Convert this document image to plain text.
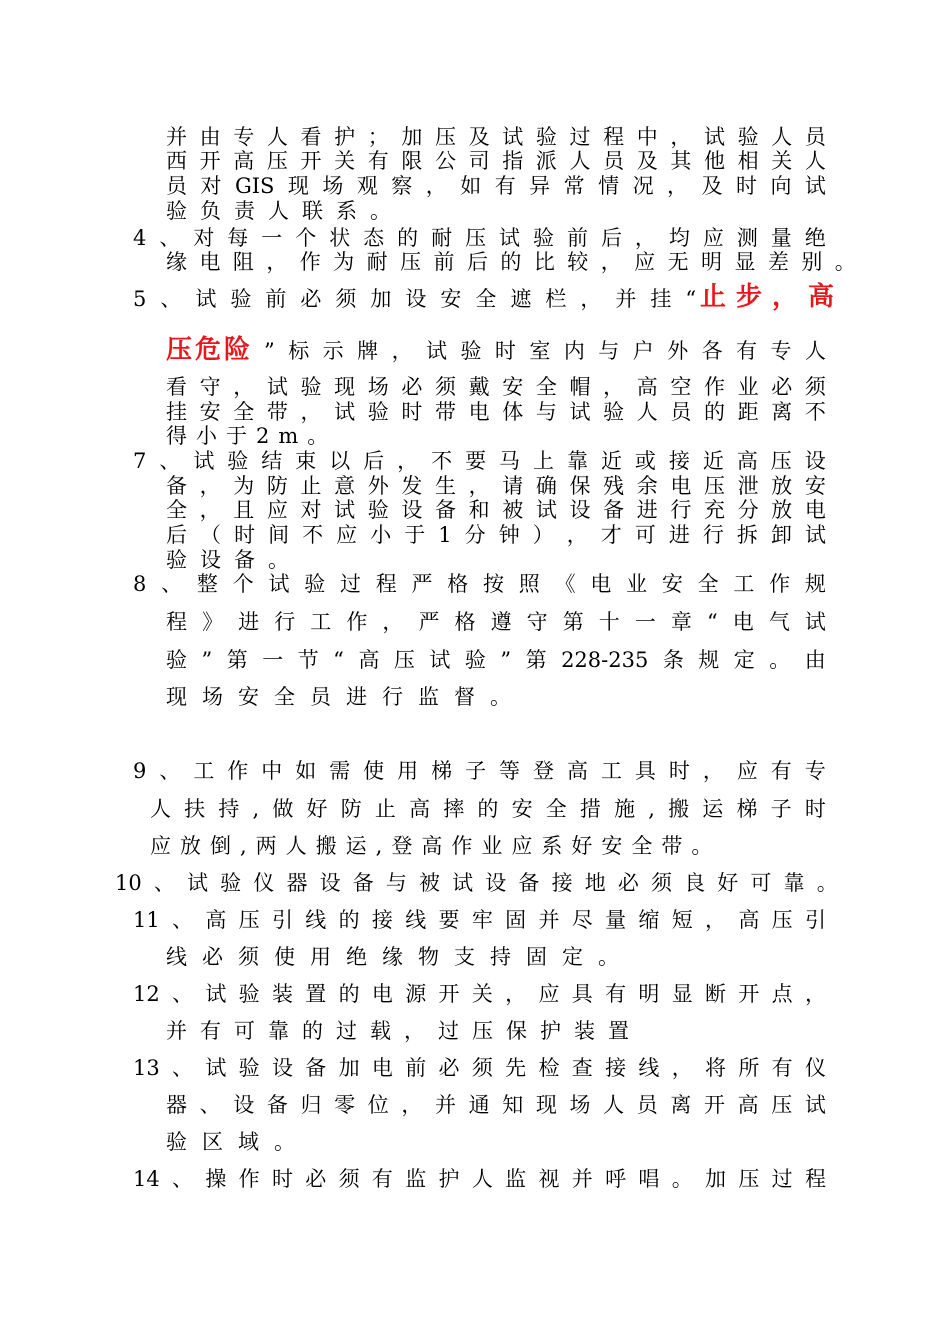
并 由 专 人 看 护 ； 加 压 及 试 验 过 程 中 ， 试 验 人 员
西 开 高 压 开 关 有 限 公 司 指 派 人 员 及 其 他 相 关 人
员 对 GIS 现 场 观 察 ， 如 有 异 常 情 况 ， 及 时 向 试
验负责人联系。
4 、 对 每 一 个 状 态 的 耐 压 试 验 前 后 ， 均 应 测 量 绝
缘 电 阻 ， 作 为 耐 压 前 后 的 比 较 ， 应 无 明 显 差 别 。
5、试验前必须加设安全遮栏，并挂“
止步，高
压危险 ” 标 示 牌 ， 试 验 时 室 内 与 户 外 各 有 专 人
看 守 ， 试 验 现 场 必 须 戴 安 全 帽 ， 高 空 作 业 必 须
挂 安 全 带 ， 试 验 时 带 电 体 与 试 验 人 员 的 距 离 不
得小于2m。
7 、 试 验 结 束 以 后 ， 不 要 马 上 靠 近 或 接 近 高 压 设
备 ， 为 防 止 意 外 发 生 ， 请 确 保 残 余 电 压 泄 放 安
全 ， 且 应 对 试 验 设 备 和 被 试 设 备 进 行 充 分 放 电
后 （ 时 间 不 应 小 于 1 分 钟 ） ， 才 可 进 行 拆 卸 试
验设备。
8 、 整 个 试 验 过 程 严 格 按 照 《 电 业 安 全 工 作 规
程 》 进 行 工 作 ， 严 格 遵 守 第 十 一 章 “ 电 气 试
验 ” 第 一 节 “ 高 压 试 验 ” 第 228-235 条 规 定 。 由
现场安全员进行监督。
9 、 工 作 中 如 需 使 用 梯 子 等 登 高 工 具 时 ， 应 有 专
人 扶 持 , 做 好 防 止 高 摔 的 安 全 措 施 , 搬 运 梯 子 时
应放倒,两人搬运,登高作业应系好安全带。
10 、 试 验 仪 器 设 备 与 被 试 设 备 接 地 必 须 良 好 可 靠 。
11 、 高 压 引 线 的 接 线 要 牢 固 并 尽 量 缩 短 ， 高 压 引
线必须使用绝缘物支持固定。
12 、 试 验 装 置 的 电 源 开 关 ， 应 具 有 明 显 断 开 点 ，
并有可靠的过载，过压保护装置
13 、 试 验 设 备 加 电 前 必 须 先 检 查 接 线 ， 将 所 有 仪
器 、 设 备 归 零 位 ， 并 通 知 现 场 人 员 离 开 高 压 试
验区域。
14 、 操 作 时 必 须 有 监 护 人 监 视 并 呼 唱 。 加 压 过 程
